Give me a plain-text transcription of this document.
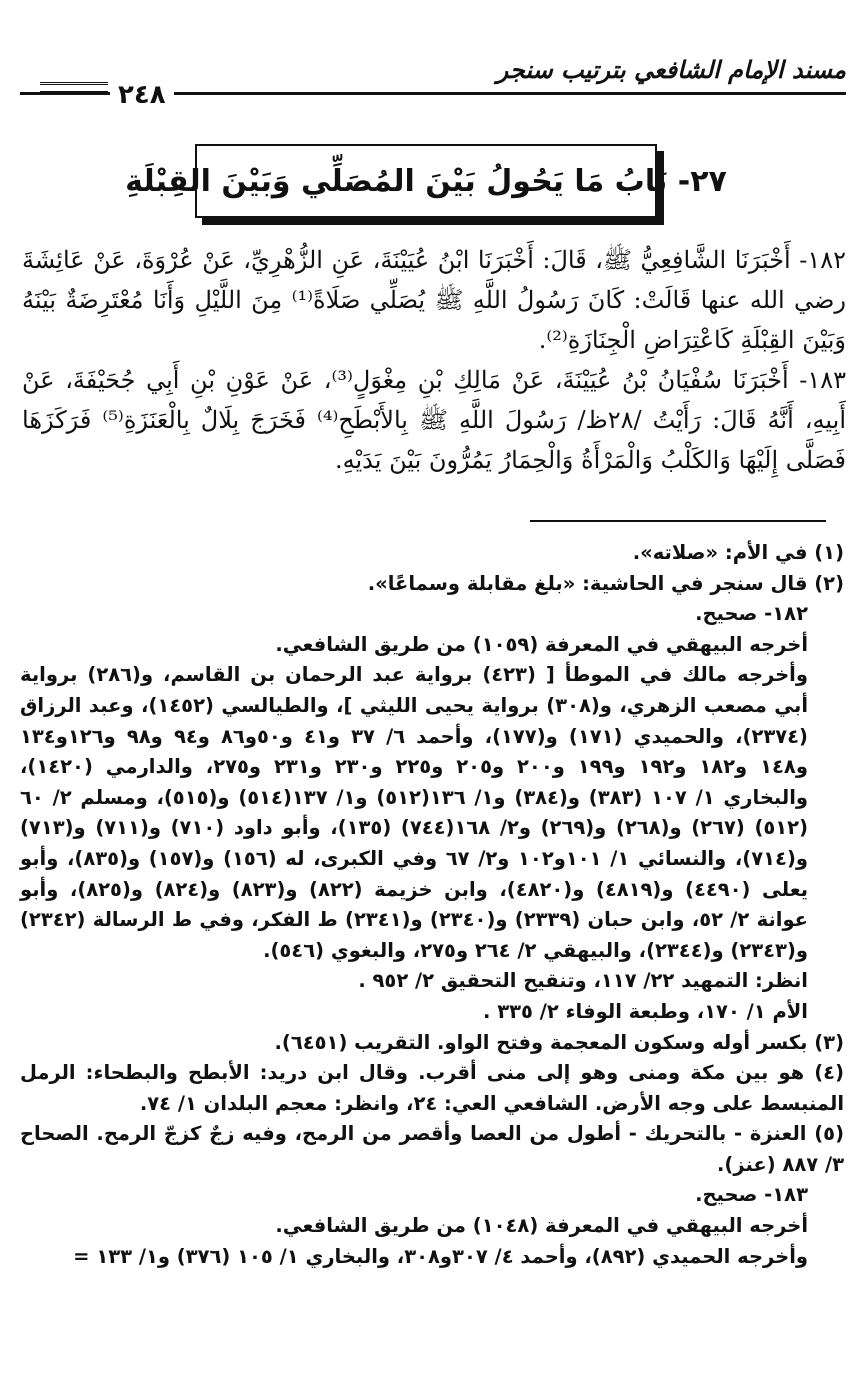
مسند الإمام الشافعي بترتيب سنجر
٢٤٨
٢٧- بَابُ مَا يَحُولُ بَيْنَ المُصَلِّي وَبَيْنَ القِبْلَةِ

١٨٢- أَخْبَرَنَا الشَّافِعِيُّ ﷺ، قَالَ: أَخْبَرَنَا ابْنُ عُيَيْنَةَ، عَنِ الزُّهْرِيِّ، عَنْ عُرْوَةَ، عَنْ عَائِشَةَ رضي الله عنها قَالَتْ: كَانَ رَسُولُ اللَّهِ ﷺ يُصَلِّي صَلَاةً⁽¹⁾ مِنَ اللَّيْلِ وَأَنَا مُعْتَرِضَةٌ بَيْنَهُ وَبَيْنَ القِبْلَةِ كَاعْتِرَاضِ الْجِنَازَةِ⁽²⁾.

١٨٣- أَخْبَرَنَا سُفْيَانُ بْنُ عُيَيْنَةَ، عَنْ مَالِكِ بْنِ مِغْوَلٍ⁽³⁾، عَنْ عَوْنِ بْنِ أَبِي جُحَيْفَةَ، عَنْ أَبِيهِ، أَنَّهُ قَالَ: رَأَيْتُ /٢٨ظ/ رَسُولَ اللَّهِ ﷺ بِالأَبْطَحِ⁽⁴⁾ فَخَرَجَ بِلَالٌ بِالْعَنَزَةِ⁽⁵⁾ فَرَكَزَهَا فَصَلَّى إِلَيْهَا وَالكَلْبُ وَالْمَرْأَةُ وَالْحِمَارُ يَمُرُّونَ بَيْنَ يَدَيْهِ.

(١) في الأم: «صلاته».

(٢) قال سنجر في الحاشية: «بلغ مقابلة وسماعًا».

١٨٢- صحيح.

أخرجه البيهقي في المعرفة (١٠٥٩) من طريق الشافعي.

وأخرجه مالك في الموطأ [ (٤٢٣) برواية عبد الرحمان بن القاسم، و(٢٨٦) برواية أبي مصعب الزهري، و(٣٠٨) برواية يحيى الليثي ]، والطيالسي (١٤٥٢)، وعبد الرزاق (٢٣٧٤)، والحميدي (١٧١) و(١٧٧)، وأحمد ٦/ ٣٧ و٤١ و٥٠و٨٦ و٩٤ و٩٨ و١٢٦و١٣٤ و١٤٨ و١٨٢ و١٩٢ و١٩٩ و٢٠٠ و٢٠٥ و٢٢٥ و٢٣٠ و٢٣١ و٢٧٥، والدارمي (١٤٢٠)، والبخاري ١/ ١٠٧ (٣٨٣) و(٣٨٤) و١/ ١٣٦(٥١٢) و١/ ١٣٧(٥١٤) و(٥١٥)، ومسلم ٢/ ٦٠ (٥١٢) (٢٦٧) و(٢٦٨) و(٢٦٩) و٢/ ١٦٨(٧٤٤) (١٣٥)، وأبو داود (٧١٠) و(٧١١) و(٧١٣) و(٧١٤)، والنسائي ١/ ١٠١و١٠٢ و٢/ ٦٧ وفي الكبرى، له (١٥٦) و(١٥٧) و(٨٣٥)، وأبو يعلى (٤٤٩٠) و(٤٨١٩) و(٤٨٢٠)، وابن خزيمة (٨٢٢) و(٨٢٣) و(٨٢٤) و(٨٢٥)، وأبو عوانة ٢/ ٥٢، وابن حبان (٢٣٣٩) و(٢٣٤٠) و(٢٣٤١) ط الفكر، وفي ط الرسالة (٢٣٤٢) و(٢٣٤٣) و(٢٣٤٤)، والبيهقي ٢/ ٢٦٤ و٢٧٥، والبغوي (٥٤٦).

انظر: التمهيد ٢٢/ ١١٧، وتنقيح التحقيق ٢/ ٩٥٢ .

الأم ١/ ١٧٠، وطبعة الوفاء ٢/ ٣٣٥ .

(٣) بكسر أوله وسكون المعجمة وفتح الواو. التقريب (٦٤٥١).

(٤) هو بين مكة ومنى وهو إلى منى أقرب. وقال ابن دريد: الأبطح والبطحاء: الرمل المنبسط على وجه الأرض. الشافعي العي: ٢٤، وانظر: معجم البلدان ١/ ٧٤.

(٥) العنزة - بالتحريك - أطول من العصا وأقصر من الرمح، وفيه زجٌ كزجّ الرمح. الصحاح ٣/ ٨٨٧ (عنز).

١٨٣- صحيح.

أخرجه البيهقي في المعرفة (١٠٤٨) من طريق الشافعي.

وأخرجه الحميدي (٨٩٢)، وأحمد ٤/ ٣٠٧و٣٠٨، والبخاري ١/ ١٠٥ (٣٧٦) و١/ ١٣٣ =
